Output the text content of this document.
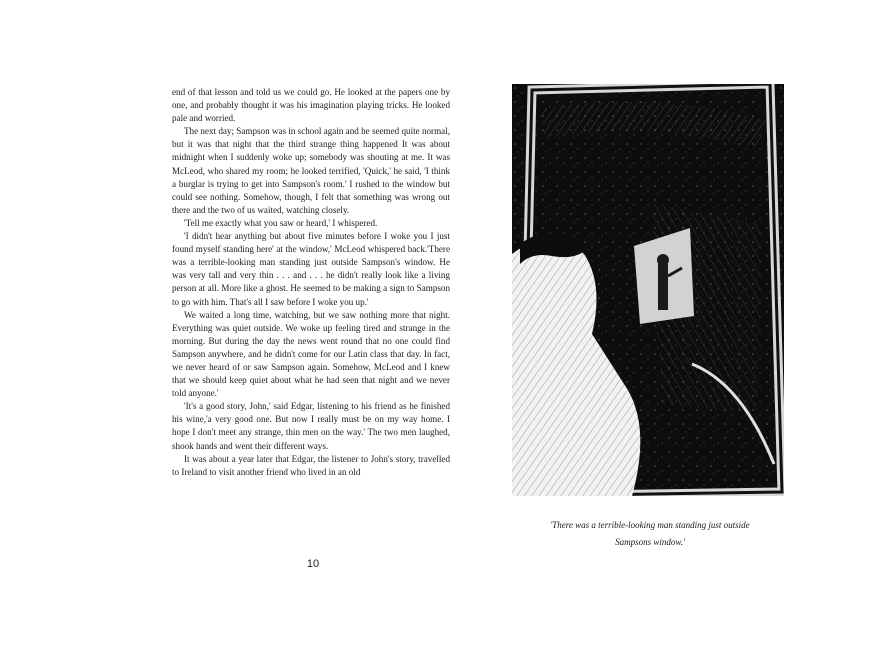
end of that lesson and told us we could go. He looked at the papers one by one, and probably thought it was his imagination playing tricks. He looked pale and worried.

The next day; Sampson was in school again and he seemed quite normal, but it was that night that the third strange thing happened It was about midnight when I suddenly woke up; somebody was shouting at me. It was McLeod, who shared my room; he looked terrified, 'Quick,' he said, 'I think a burglar is trying to get into Sampson's room.' I rushed to the window but could see nothing. Somehow, though, I felt that something was wrong out there and the two of us waited, watching closely.

'Tell me exactly what you saw or heard,' I whispered.

'I didn't hear anything but about five minutes before I woke you I just found myself standing here' at the window,' McLeod whispered back.'There was a terrible-looking man standing just outside Sampson's window. He was very tall and very thin . . . and . . . he didn't really look like a living person at all. More like a ghost. He seemed to be making a sign to Sampson to go with him. That's all I saw before I woke you up.'

We waited a long time, watching, but we saw nothing more that night. Everything was quiet outside. We woke up feeling tired and strange in the morning. But during the day the news went round that no one could find Sampson anywhere, and he didn't come for our Latin class that day. In fact, we never heard of or saw Sampson again. Somehow, McLeod and I knew that we should keep quiet about what he had seen that night and we never told anyone.'

'It's a good story, John,' said Edgar, listening to his friend as he finished his wine,'a very good one. But now I really must be on my way home. I hope I don't meet any strange, thin men on the way.' The two men laughed, shook hands and went their different ways.

It was about a year later that Edgar, the listener to John's story, travelled to Ireland to visit another friend who lived in an old

10
'There was a terrible-looking man standing just outside
Sampsons window.'
